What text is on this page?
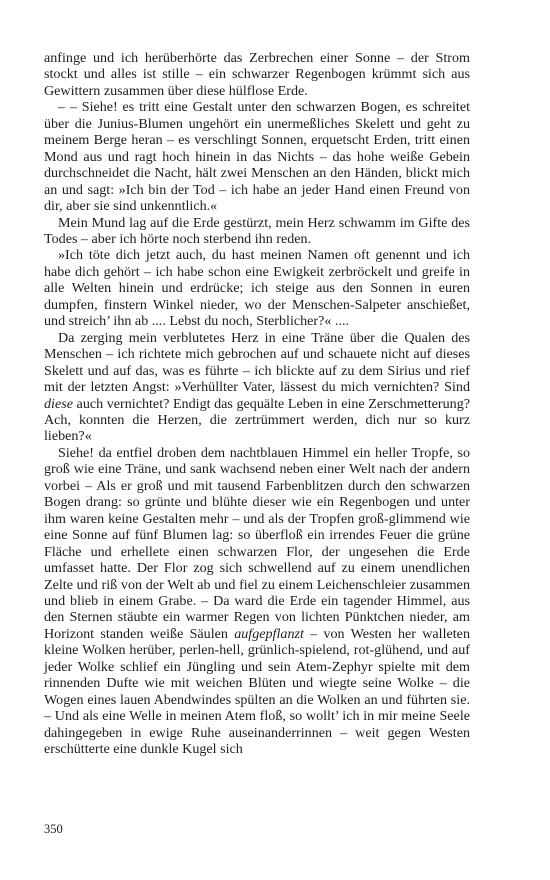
anfinge und ich herüberhörte das Zerbrechen einer Sonne – der Strom stockt und alles ist stille – ein schwarzer Regenbogen krümmt sich aus Gewittern zusammen über diese hülflose Erde.

– – Siehe! es tritt eine Gestalt unter den schwarzen Bogen, es schreitet über die Junius-Blumen ungehört ein unermeßliches Skelett und geht zu meinem Berge heran – es verschlingt Sonnen, erquetscht Erden, tritt einen Mond aus und ragt hoch hinein in das Nichts – das hohe weiße Gebein durchschneidet die Nacht, hält zwei Menschen an den Händen, blickt mich an und sagt: »Ich bin der Tod – ich habe an jeder Hand einen Freund von dir, aber sie sind unkenntlich.«

Mein Mund lag auf die Erde gestürzt, mein Herz schwamm im Gifte des Todes – aber ich hörte noch sterbend ihn reden.

»Ich töte dich jetzt auch, du hast meinen Namen oft genennt und ich habe dich gehört – ich habe schon eine Ewigkeit zerbröckelt und greife in alle Welten hinein und erdrücke; ich steige aus den Sonnen in euren dumpfen, finstern Winkel nieder, wo der Menschen-Salpeter anschießet, und streich’ ihn ab .... Lebst du noch, Sterblicher?« ....

Da zerging mein verblutetes Herz in eine Träne über die Qualen des Menschen – ich richtete mich gebrochen auf und schauete nicht auf dieses Skelett und auf das, was es führte – ich blickte auf zu dem Sirius und rief mit der letzten Angst: »Verhüllter Vater, lässest du mich vernichten? Sind diese auch vernichtet? Endigt das gequälte Leben in eine Zerschmetterung? Ach, konnten die Herzen, die zertrümmert werden, dich nur so kurz lieben?«

Siehe! da entfiel droben dem nachtblauen Himmel ein heller Tropfe, so groß wie eine Träne, und sank wachsend neben einer Welt nach der andern vorbei – Als er groß und mit tausend Farbenblitzen durch den schwarzen Bogen drang: so grünte und blühte dieser wie ein Regenbogen und unter ihm waren keine Gestalten mehr – und als der Tropfen groß-glimmend wie eine Sonne auf fünf Blumen lag: so überfloß ein irrendes Feuer die grüne Fläche und erhellete einen schwarzen Flor, der ungesehen die Erde umfasset hatte. Der Flor zog sich schwellend auf zu einem unendlichen Zelte und riß von der Welt ab und fiel zu einem Leichenschleier zusammen und blieb in einem Grabe. – Da ward die Erde ein tagender Himmel, aus den Sternen stäubte ein warmer Regen von lichten Pünktchen nieder, am Horizont standen weiße Säulen aufgepflanzt – von Westen her walleten kleine Wolken herüber, perlen-hell, grünlich-spielend, rot-glühend, und auf jeder Wolke schlief ein Jüngling und sein Atem-Zephyr spielte mit dem rinnenden Dufte wie mit weichen Blüten und wiegte seine Wolke – die Wogen eines lauen Abendwindes spülten an die Wolken an und führten sie. – Und als eine Welle in meinen Atem floß, so wollt’ ich in mir meine Seele dahingegeben in ewige Ruhe auseinanderrinnen – weit gegen Westen erschütterte eine dunkle Kugel sich

350
